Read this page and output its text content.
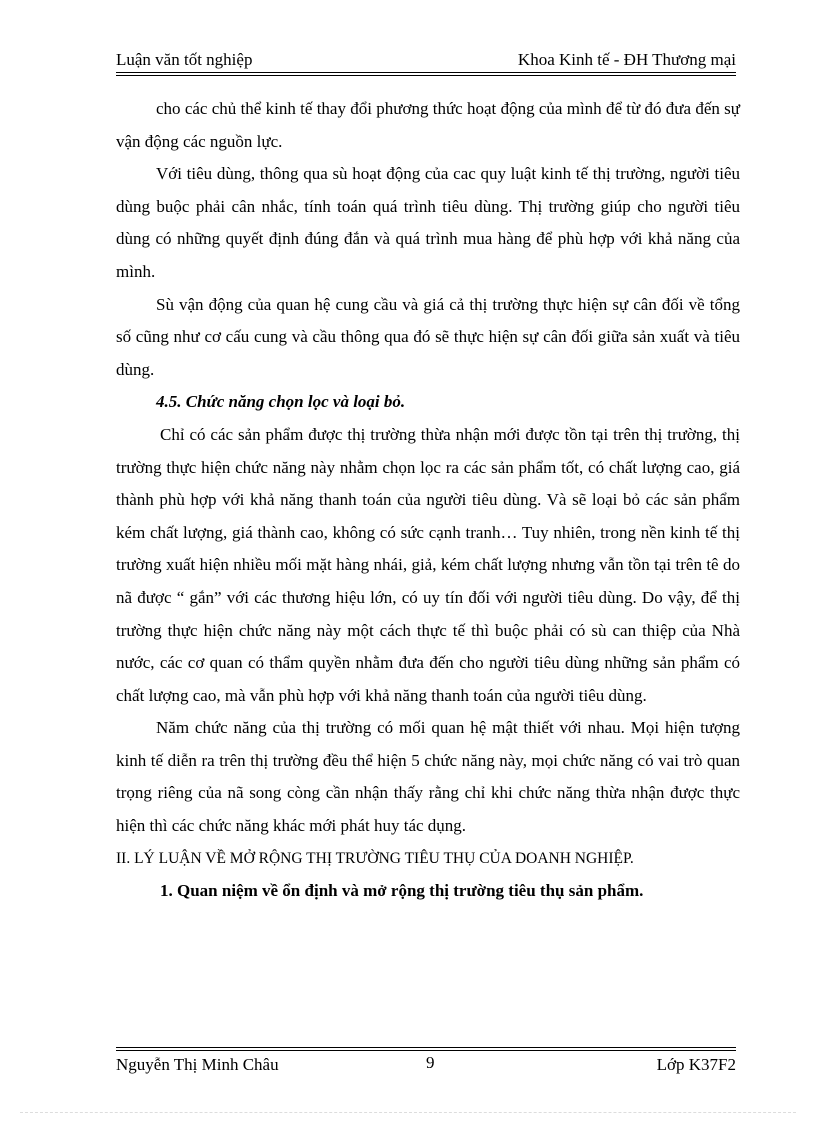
Luận văn tốt nghiệp	Khoa Kinh tế - ĐH Thương mại

cho các chủ thể kinh tế thay đổi phương thức hoạt động của mình để từ đó đưa đến sự vận động các nguồn lực.

Với tiêu dùng, thông qua sù hoạt động của cac quy luật kinh tế thị trường, người tiêu dùng buộc phải cân nhắc, tính toán quá trình tiêu dùng. Thị trường giúp cho người tiêu dùng có những quyết định đúng đắn và quá trình mua hàng để phù hợp với khả năng của mình.

Sù vận động của quan hệ cung cầu và giá cả thị trường thực hiện sự cân đối về tổng số cũng như cơ cấu cung và cầu thông qua đó sẽ thực hiện sự cân đối giữa sản xuất và tiêu dùng.

4.5. Chức năng chọn lọc và loại bỏ.

Chỉ có các sản phẩm được thị trường thừa nhận mới được tồn tại trên thị trường, thị trường thực hiện chức năng này nhằm chọn lọc ra các sản phẩm tốt, có chất lượng cao, giá thành phù hợp với khả năng thanh toán của người tiêu dùng. Và sẽ loại bỏ các sản phẩm kém chất lượng, giá thành cao, không có sức cạnh tranh… Tuy nhiên, trong nền kinh tế thị trường xuất hiện nhiều mối mặt hàng nhái, giả, kém chất lượng nhưng vẫn tồn tại trên tê do nã được “ gắn” với các thương hiệu lớn, có uy tín đối với người tiêu dùng. Do vậy, để thị trường thực hiện chức năng này một cách thực tế thì buộc phải có sù can thiệp của Nhà nước, các cơ quan có thẩm quyền nhằm đưa đến cho người tiêu dùng những sản phẩm có chất lượng cao, mà vẫn phù hợp với khả năng thanh toán của người tiêu dùng.

Năm chức năng của thị trường có mối quan hệ mật thiết với nhau. Mọi hiện tượng kinh tế diễn ra trên thị trường đều thể hiện 5 chức năng này, mọi chức năng có vai trò quan trọng riêng của nã song còng cần nhận thấy rằng chỉ khi chức năng thừa nhận được thực hiện thì các chức năng khác mới phát huy tác dụng.

II. LÝ LUẬN VỀ MỞ RỘNG THỊ TRƯỜNG TIÊU THỤ CỦA DOANH NGHIỆP.

1. Quan niệm về ổn định và mở rộng thị trường tiêu thụ sản phẩm.

Nguyễn Thị Minh Châu	9	Lớp K37F2
